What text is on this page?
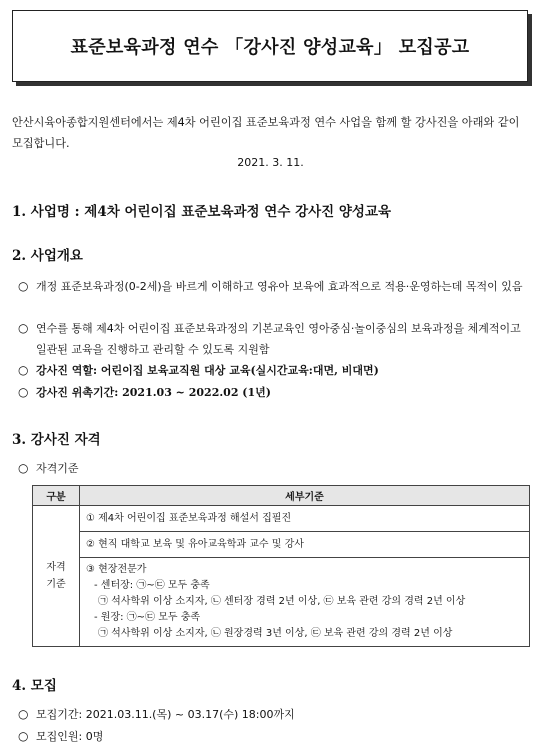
표준보육과정 연수 「강사진 양성교육」 모집공고
안산시육아종합지원센터에서는 제4차 어린이집 표준보육과정 연수 사업을 함께 할 강사진을 아래와 같이 모집합니다.
2021. 3. 11.
1. 사업명 : 제4차 어린이집 표준보육과정 연수 강사진 양성교육
2. 사업개요
○ 개정 표준보육과정(0-2세)을 바르게 이해하고 영유아 보육에 효과적으로 적용·운영하는데 목적이 있음
○ 연수를 통해 제4차 어린이집 표준보육과정의 기본교육인 영아중심·놀이중심의 보육과정을 체계적이고 일관된 교육을 진행하고 관리할 수 있도록 지원함
○ 강사진 역할: 어린이집 보육교직원 대상 교육(실시간교육:대면, 비대면)
○ 강사진 위촉기간: 2021.03 ~ 2022.02 (1년)
3. 강사진 자격
○ 자격기준
구분	세부기준
자격
기준	① 제4차 어린이집 표준보육과정 해설서 집필진
	② 현직 대학교 보육 및 유아교육학과 교수 및 강사

	③ 현장전문가
- 센터장: ㉠~㉢ 모두 충족
㉠ 석사학위 이상 소지자, ㉡ 센터장 경력 2년 이상, ㉢ 보육 관련 강의 경력 2년 이상
- 원장: ㉠~㉢ 모두 충족
㉠ 석사학위 이상 소지자, ㉡ 원장경력 3년 이상, ㉢ 보육 관련 강의 경력 2년 이상
4. 모집
○ 모집기간: 2021.03.11.(목) ~ 03.17(수) 18:00까지
○ 모집인원: 0명
